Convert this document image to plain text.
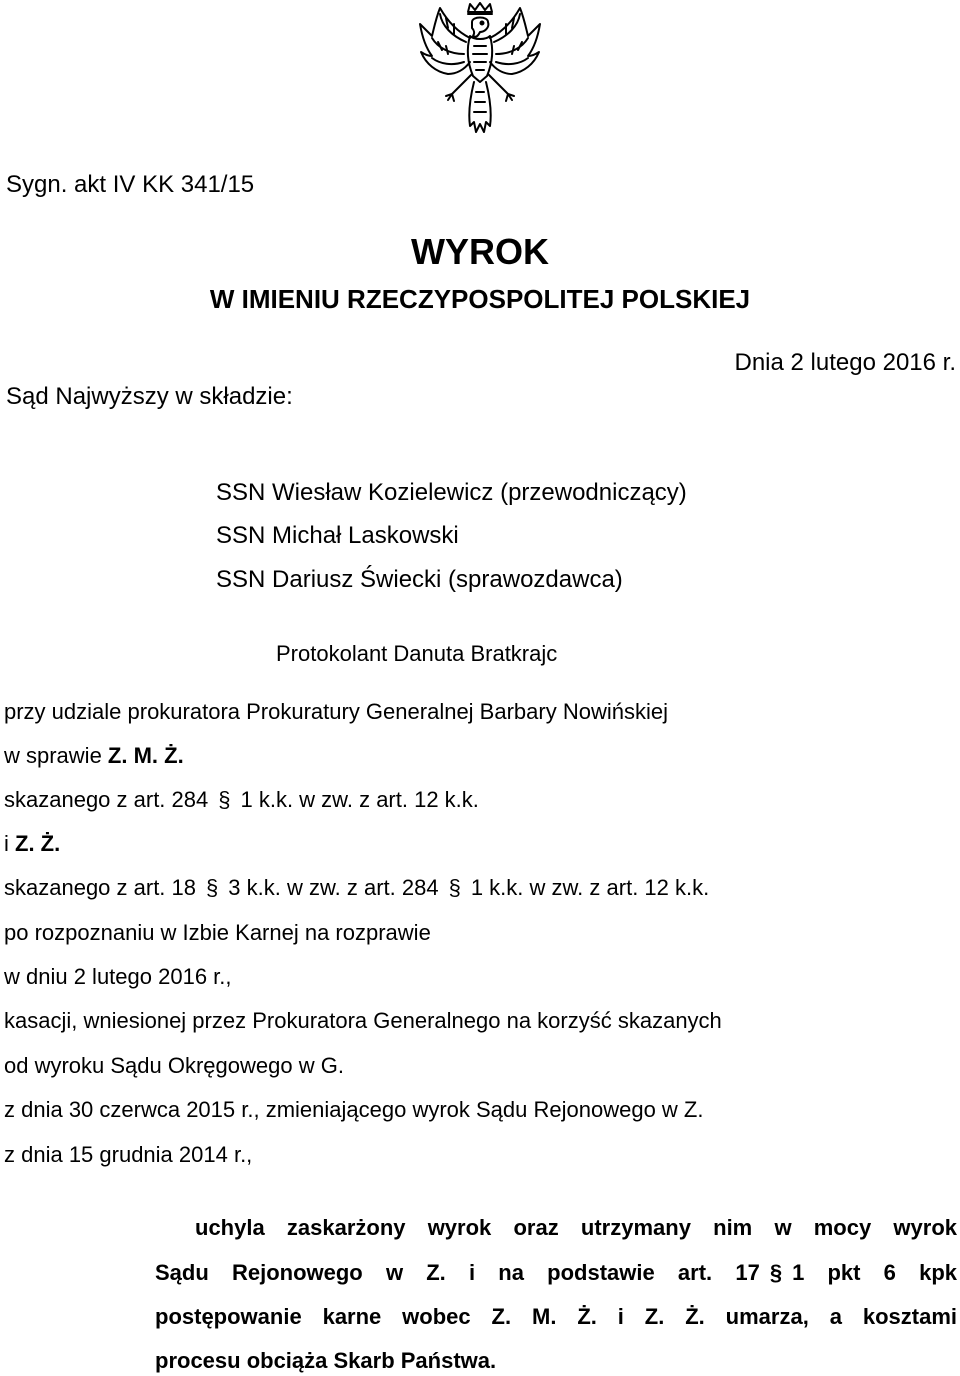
Sygn. akt IV KK 341/15
WYROK
W IMIENIU RZECZYPOSPOLITEJ POLSKIEJ
Dnia 2 lutego 2016 r.
Sąd Najwyższy w składzie:
SSN Wiesław Kozielewicz (przewodniczący)
SSN Michał Laskowski
SSN Dariusz Świecki (sprawozdawca)
Protokolant Danuta Bratkrajc
przy udziale prokuratora Prokuratury Generalnej Barbary Nowińskiej
w sprawie Z. M. Ż.
skazanego z art. 284 § 1 k.k. w zw. z art. 12 k.k.
i Z. Ż.
skazanego z art. 18 § 3 k.k. w zw. z art. 284 § 1 k.k. w zw. z art. 12 k.k.
po rozpoznaniu w Izbie Karnej na rozprawie
w dniu 2 lutego 2016 r.,
kasacji, wniesionej przez Prokuratora Generalnego na korzyść skazanych
od wyroku Sądu Okręgowego w G.
z dnia 30 czerwca 2015 r., zmieniającego wyrok Sądu Rejonowego w Z.
z dnia 15 grudnia 2014 r.,
uchyla zaskarżony wyrok oraz utrzymany nim w mocy wyrok
Sądu Rejonowego w Z. i na podstawie art. 17 § 1 pkt 6 kpk
postępowanie karne wobec Z. M. Ż. i Z. Ż. umarza, a kosztami
procesu obciąża Skarb Państwa.
